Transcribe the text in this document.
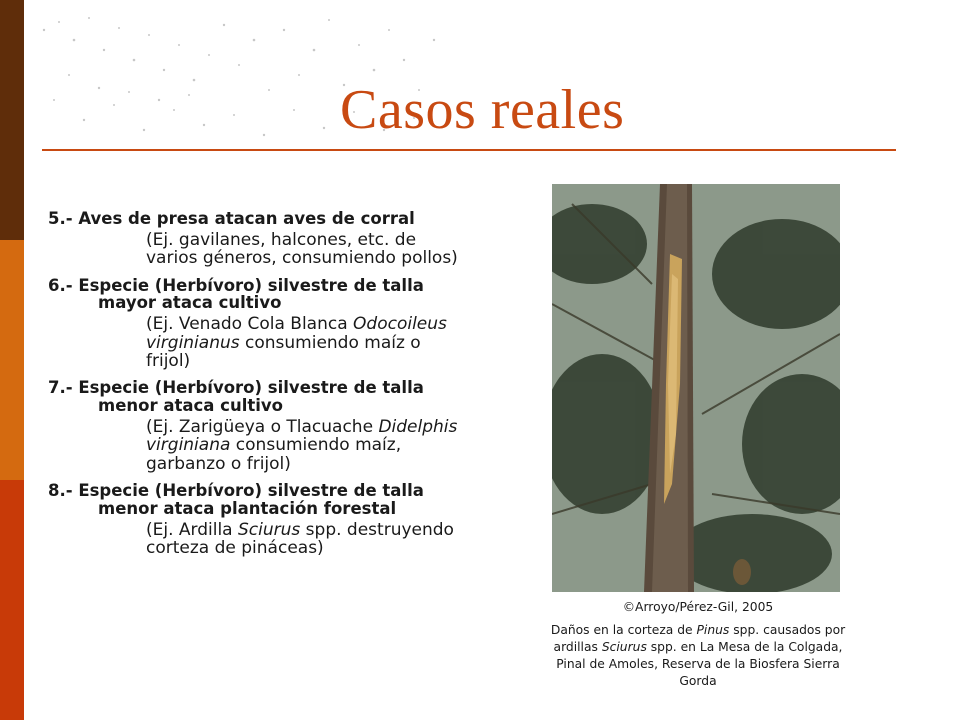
Casos reales
5.- Aves de presa atacan aves de corral
(Ej. gavilanes, halcones, etc. de varios géneros, consumiendo pollos)
6.- Especie (Herbívoro) silvestre de talla mayor ataca cultivo
(Ej. Venado Cola Blanca Odocoileus virginianus consumiendo maíz o frijol)
7.- Especie (Herbívoro) silvestre de talla menor ataca cultivo
(Ej. Zarigüeya o Tlacuache Didelphis virginiana consumiendo maíz, garbanzo o frijol)
8.- Especie (Herbívoro) silvestre de talla menor ataca plantación forestal
(Ej. Ardilla Sciurus spp. destruyendo corteza de pináceas)
©Arroyo/Pérez-Gil, 2005
Daños en la corteza de Pinus spp. causados por ardillas Sciurus spp. en La Mesa de la Colgada, Pinal de Amoles, Reserva de la Biosfera Sierra Gorda
